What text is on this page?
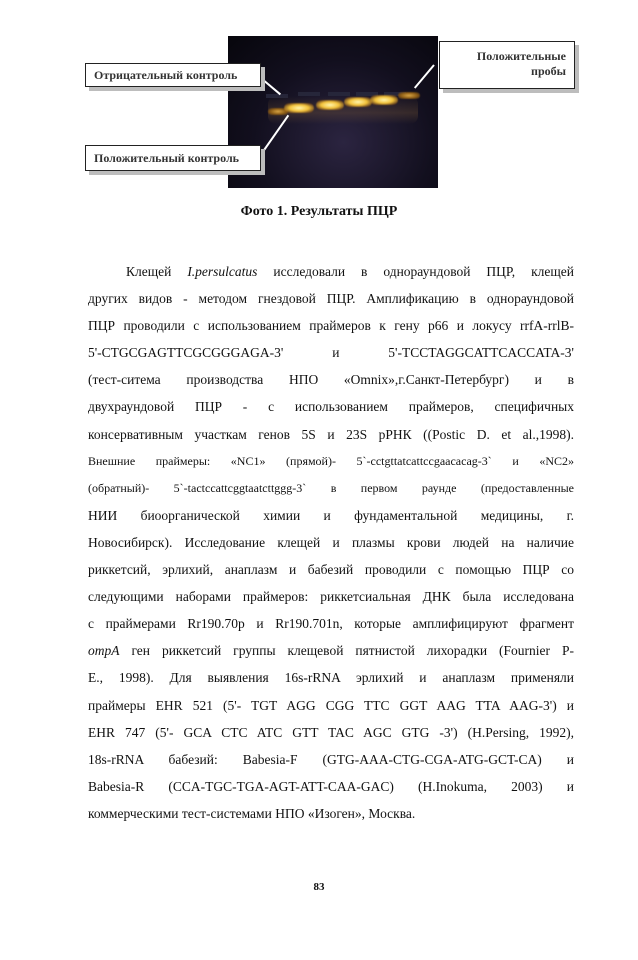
Отрицательный контроль
Положительные
пробы
Положительный контроль
Фото 1. Результаты ПЦР
Клещей I.persulcatus исследовали в однораундовой ПЦР, клещей
других видов - методом гнездовой ПЦР. Амплификацию в однораундовой
ПЦР проводили с использованием праймеров к гену p66 и локусу rrfA-rrlB-
5'-CTGCGAGTTCGCGGGAGA-3' и 5'-TCCTAGGCATTCACCATA-3'
(тест-ситема производства НПО «Omnix»,г.Санкт-Петербург) и в
двухраундовой ПЦР - с использованием праймеров, специфичных
консервативным участкам генов 5S и 23S рРНК ((Postic D. et al.,1998).
Внешние праймеры: «NC1» (прямой)- 5`-cctgttatcattccgaacacag-3` и «NC2»
(обратный)- 5`-tactccattcggtaatcttggg-3` в первом раунде (предоставленные
НИИ биоорганической химии и фундаментальной медицины, г.
Новосибирск). Исследование клещей и плазмы крови людей на наличие
риккетсий, эрлихий, анаплазм и бабезий проводили с помощью ПЦР со
следующими наборами праймеров: риккетсиальная ДНК была исследована
с праймерами Rr190.70p и Rr190.701n, которые амплифицируют фрагмент
ompA ген риккетсий группы клещевой пятнистой лихорадки (Fournier P-
E., 1998). Для выявления 16s-rRNA эрлихий и анаплазм применяли
праймеры EHR 521 (5'- TGT AGG CGG TTC GGT AAG TTA AAG-3') и
EHR 747 (5'- GCA CTC ATC GTT TAC AGC GTG -3') (H.Persing, 1992),
18s-rRNA бабезий: Babesia-F (GTG-AAA-CTG-CGA-ATG-GCT-CA) и
Babesia-R (CCA-TGC-TGA-AGT-ATT-CAA-GAC) (H.Inokuma, 2003) и
коммерческими тест-системами НПО «Изоген», Москва.
83
